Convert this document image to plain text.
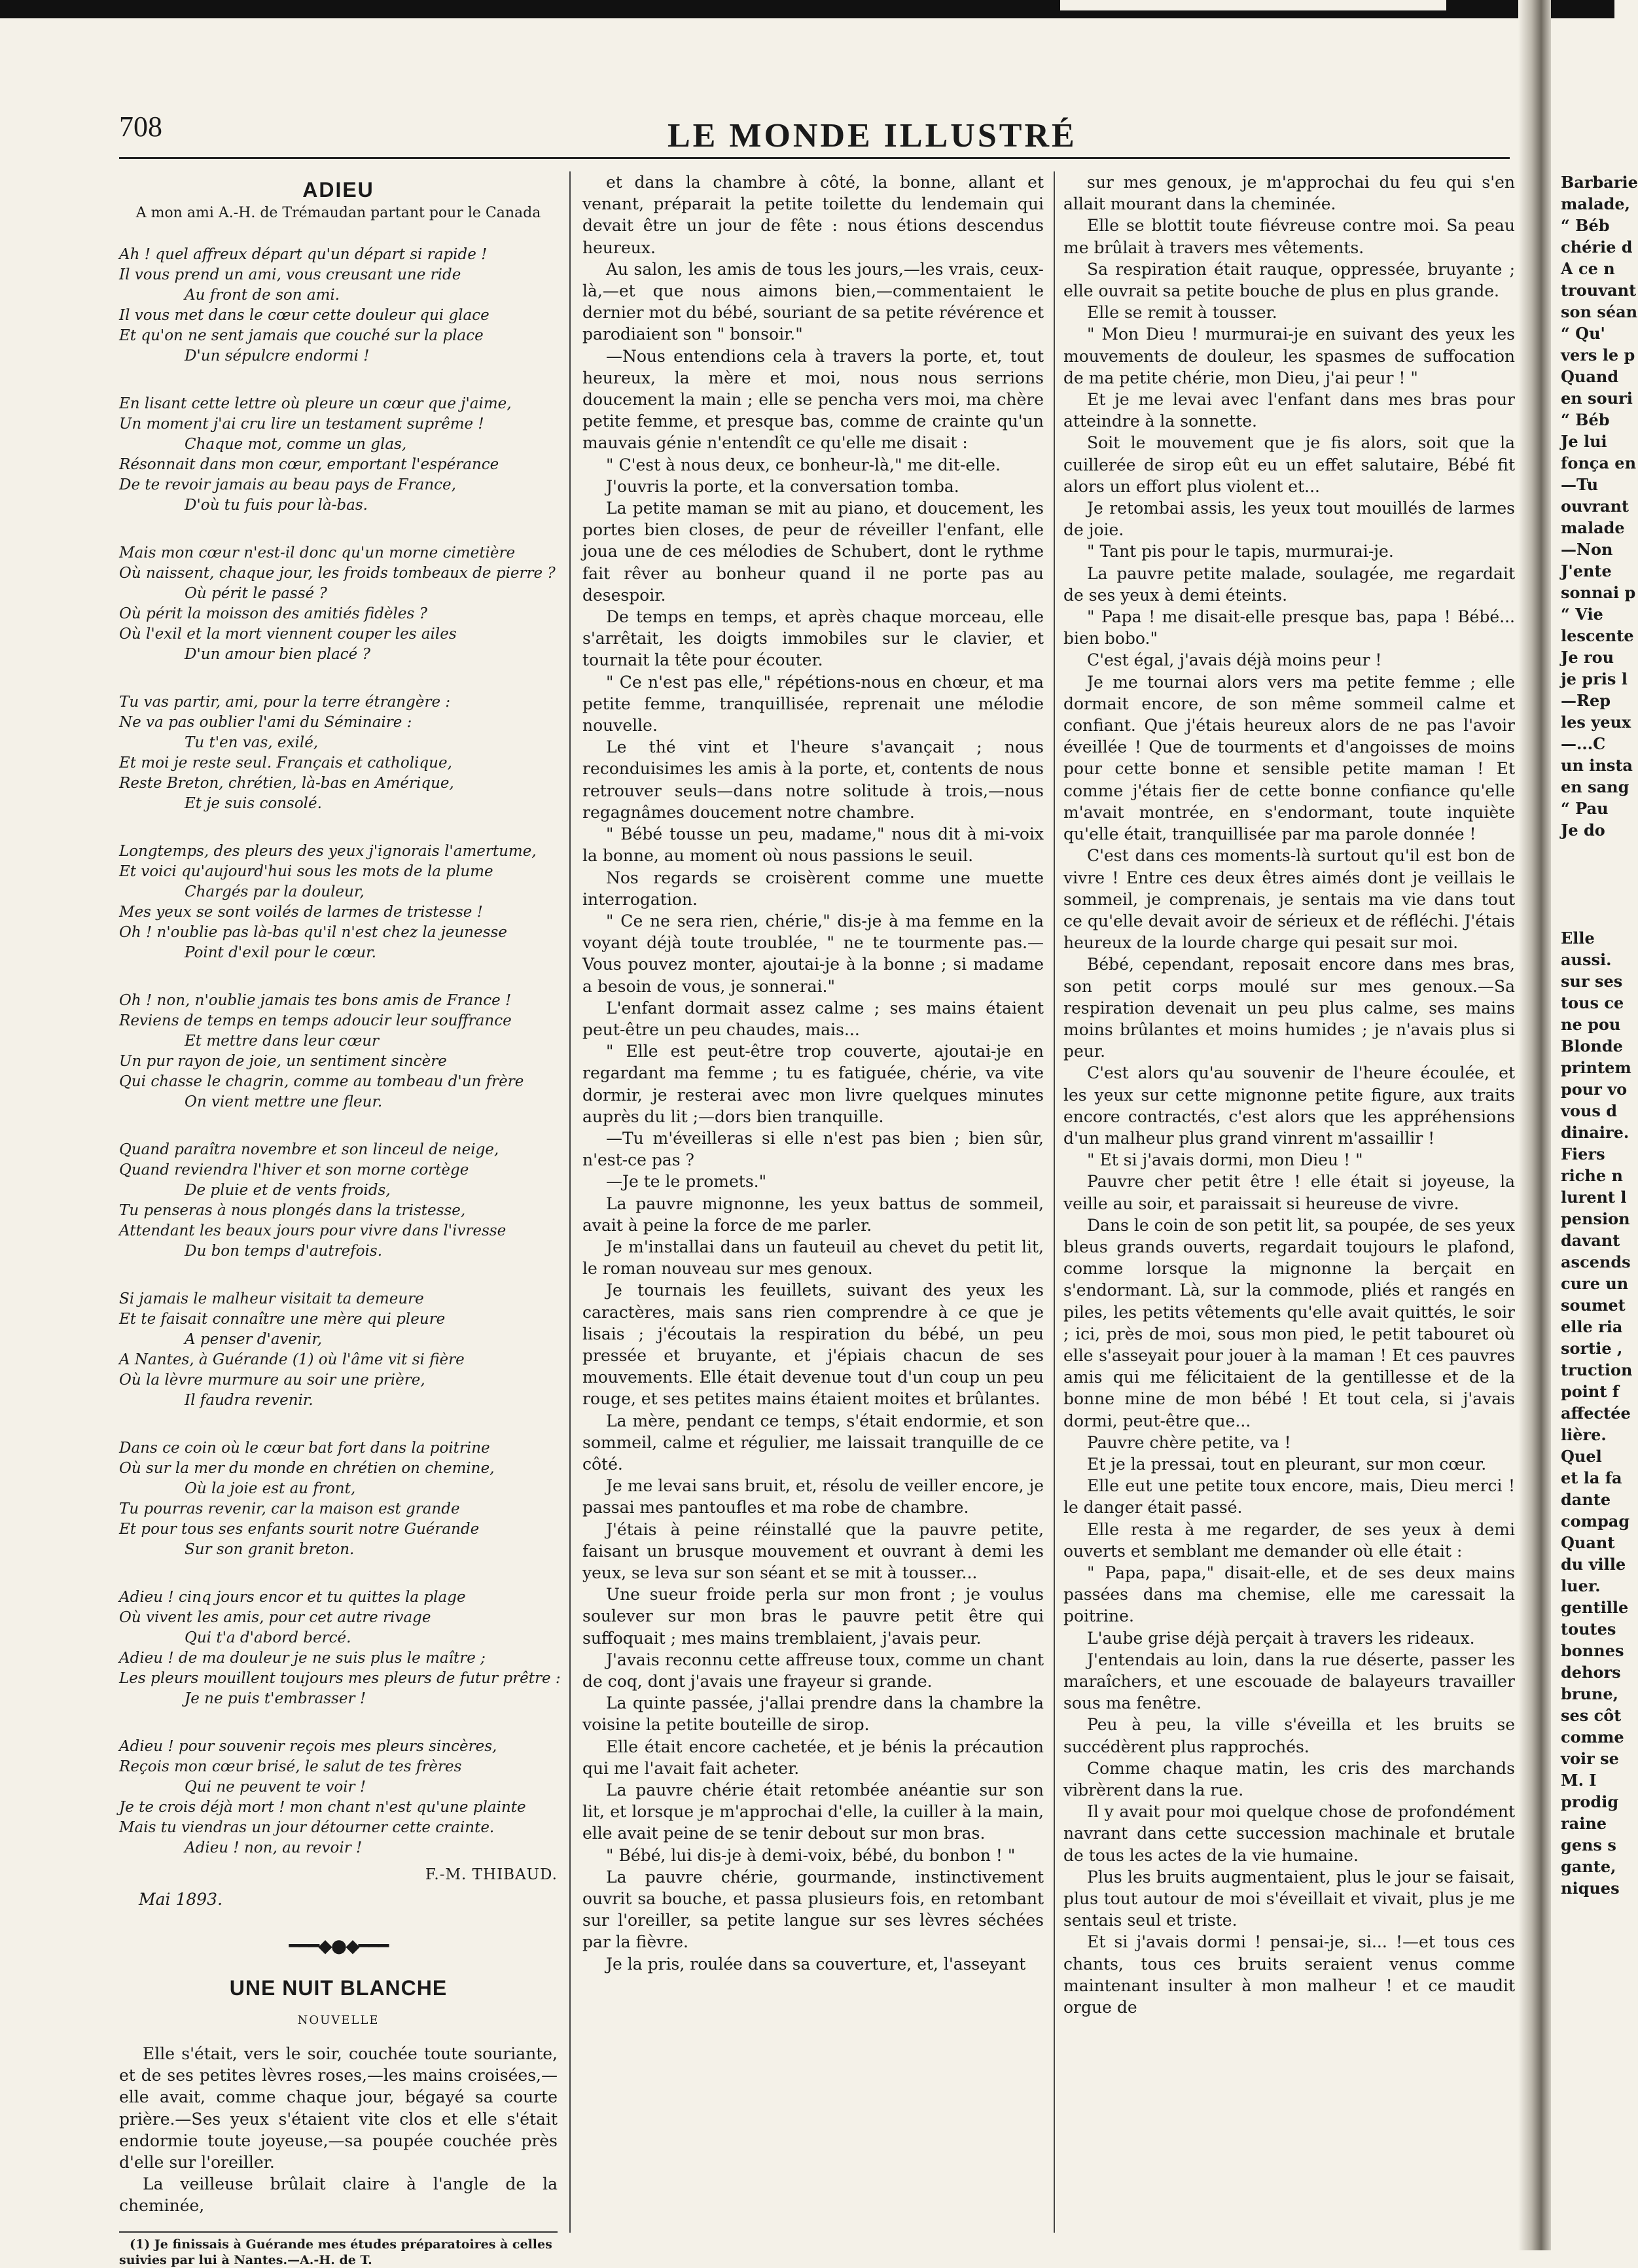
708	LE MONDE ILLUSTRÉ
ADIEU
A mon ami A.-H. de Trémaudan partant pour le Canada
Ah ! quel affreux départ qu'un départ si rapide !
Il vous prend un ami, vous creusant une ride
Au front de son ami.
Il vous met dans le cœur cette douleur qui glace
Et qu'on ne sent jamais que couché sur la place
D'un sépulcre endormi !
En lisant cette lettre où pleure un cœur que j'aime,
Un moment j'ai cru lire un testament suprême !
Chaque mot, comme un glas,
Résonnait dans mon cœur, emportant l'espérance
De te revoir jamais au beau pays de France,
D'où tu fuis pour là-bas.
Mais mon cœur n'est-il donc qu'un morne cimetière
Où naissent, chaque jour, les froids tombeaux de pierre ?
Où périt le passé ?
Où périt la moisson des amitiés fidèles ?
Où l'exil et la mort viennent couper les ailes
D'un amour bien placé ?
Tu vas partir, ami, pour la terre étrangère :
Ne va pas oublier l'ami du Séminaire :
Tu t'en vas, exilé,
Et moi je reste seul. Français et catholique,
Reste Breton, chrétien, là-bas en Amérique,
Et je suis consolé.
Longtemps, des pleurs des yeux j'ignorais l'amertume,
Et voici qu'aujourd'hui sous les mots de la plume
Chargés par la douleur,
Mes yeux se sont voilés de larmes de tristesse !
Oh ! n'oublie pas là-bas qu'il n'est chez la jeunesse
Point d'exil pour le cœur.
Oh ! non, n'oublie jamais tes bons amis de France !
Reviens de temps en temps adoucir leur souffrance
Et mettre dans leur cœur
Un pur rayon de joie, un sentiment sincère
Qui chasse le chagrin, comme au tombeau d'un frère
On vient mettre une fleur.
Quand paraîtra novembre et son linceul de neige,
Quand reviendra l'hiver et son morne cortège
De pluie et de vents froids,
Tu penseras à nous plongés dans la tristesse,
Attendant les beaux jours pour vivre dans l'ivresse
Du bon temps d'autrefois.
Si jamais le malheur visitait ta demeure
Et te faisait connaître une mère qui pleure
A penser d'avenir,
A Nantes, à Guérande (1) où l'âme vit si fière
Où la lèvre murmure au soir une prière,
Il faudra revenir.
Dans ce coin où le cœur bat fort dans la poitrine
Où sur la mer du monde en chrétien on chemine,
Où la joie est au front,
Tu pourras revenir, car la maison est grande
Et pour tous ses enfants sourit notre Guérande
Sur son granit breton.
Adieu ! cinq jours encor et tu quittes la plage
Où vivent les amis, pour cet autre rivage
Qui t'a d'abord bercé.
Adieu ! de ma douleur je ne suis plus le maître ;
Les pleurs mouillent toujours mes pleurs de futur prêtre :
Je ne puis t'embrasser !
Adieu ! pour souvenir reçois mes pleurs sincères,
Reçois mon cœur brisé, le salut de tes frères
Qui ne peuvent te voir !
Je te crois déjà mort ! mon chant n'est qu'une plainte
Mais tu viendras un jour détourner cette crainte.
Adieu ! non, au revoir !
F.-M. THIBAUD.
Mai 1893.
━━━◆●◆━━━
UNE NUIT BLANCHE
NOUVELLE

Elle s'était, vers le soir, couchée toute souriante, et de ses petites lèvres roses,—les mains croisées,—elle avait, comme chaque jour, bégayé sa courte prière.—Ses yeux s'étaient vite clos et elle s'était endormie toute joyeuse,—sa poupée couchée près d'elle sur l'oreiller.

La veilleuse brûlait claire à l'angle de la cheminée,

(1) Je finissais à Guérande mes études préparatoires à celles suivies par lui à Nantes.—A.-H. de T.

et dans la chambre à côté, la bonne, allant et venant, préparait la petite toilette du lendemain qui devait être un jour de fête : nous étions descendus heureux.

Au salon, les amis de tous les jours,—les vrais, ceux-là,—et que nous aimons bien,—commentaient le dernier mot du bébé, souriant de sa petite révérence et parodiaient son " bonsoir."

—Nous entendions cela à travers la porte, et, tout heureux, la mère et moi, nous nous serrions doucement la main ; elle se pencha vers moi, ma chère petite femme, et presque bas, comme de crainte qu'un mauvais génie n'entendît ce qu'elle me disait :

" C'est à nous deux, ce bonheur-là," me dit-elle.

J'ouvris la porte, et la conversation tomba.

La petite maman se mit au piano, et doucement, les portes bien closes, de peur de réveiller l'enfant, elle joua une de ces mélodies de Schubert, dont le rythme fait rêver au bonheur quand il ne porte pas au desespoir.

De temps en temps, et après chaque morceau, elle s'arrêtait, les doigts immobiles sur le clavier, et tournait la tête pour écouter.

" Ce n'est pas elle," répétions-nous en chœur, et ma petite femme, tranquillisée, reprenait une mélodie nouvelle.

Le thé vint et l'heure s'avançait ; nous reconduisimes les amis à la porte, et, contents de nous retrouver seuls—dans notre solitude à trois,—nous regagnâmes doucement notre chambre.

" Bébé tousse un peu, madame," nous dit à mi-voix la bonne, au moment où nous passions le seuil.

Nos regards se croisèrent comme une muette interrogation.

" Ce ne sera rien, chérie," dis-je à ma femme en la voyant déjà toute troublée, " ne te tourmente pas.—Vous pouvez monter, ajoutai-je à la bonne ; si madame a besoin de vous, je sonnerai."

L'enfant dormait assez calme ; ses mains étaient peut-être un peu chaudes, mais...

" Elle est peut-être trop couverte, ajoutai-je en regardant ma femme ; tu es fatiguée, chérie, va vite dormir, je resterai avec mon livre quelques minutes auprès du lit ;—dors bien tranquille.

—Tu m'éveilleras si elle n'est pas bien ; bien sûr, n'est-ce pas ?

—Je te le promets."

La pauvre mignonne, les yeux battus de sommeil, avait à peine la force de me parler.

Je m'installai dans un fauteuil au chevet du petit lit, le roman nouveau sur mes genoux.

Je tournais les feuillets, suivant des yeux les caractères, mais sans rien comprendre à ce que je lisais ; j'écoutais la respiration du bébé, un peu pressée et bruyante, et j'épiais chacun de ses mouvements. Elle était devenue tout d'un coup un peu rouge, et ses petites mains étaient moites et brûlantes.

La mère, pendant ce temps, s'était endormie, et son sommeil, calme et régulier, me laissait tranquille de ce côté.

Je me levai sans bruit, et, résolu de veiller encore, je passai mes pantoufles et ma robe de chambre.

J'étais à peine réinstallé que la pauvre petite, faisant un brusque mouvement et ouvrant à demi les yeux, se leva sur son séant et se mit à tousser...

Une sueur froide perla sur mon front ; je voulus soulever sur mon bras le pauvre petit être qui suffoquait ; mes mains tremblaient, j'avais peur.

J'avais reconnu cette affreuse toux, comme un chant de coq, dont j'avais une frayeur si grande.

La quinte passée, j'allai prendre dans la chambre la voisine la petite bouteille de sirop.

Elle était encore cachetée, et je bénis la précaution qui me l'avait fait acheter.

La pauvre chérie était retombée anéantie sur son lit, et lorsque je m'approchai d'elle, la cuiller à la main, elle avait peine de se tenir debout sur mon bras.

" Bébé, lui dis-je à demi-voix, bébé, du bonbon ! "

La pauvre chérie, gourmande, instinctivement ouvrit sa bouche, et passa plusieurs fois, en retombant sur l'oreiller, sa petite langue sur ses lèvres séchées par la fièvre.

Je la pris, roulée dans sa couverture, et, l'asseyant

sur mes genoux, je m'approchai du feu qui s'en allait mourant dans la cheminée.

Elle se blottit toute fiévreuse contre moi. Sa peau me brûlait à travers mes vêtements.

Sa respiration était rauque, oppressée, bruyante ; elle ouvrait sa petite bouche de plus en plus grande.

Elle se remit à tousser.

" Mon Dieu ! murmurai-je en suivant des yeux les mouvements de douleur, les spasmes de suffocation de ma petite chérie, mon Dieu, j'ai peur ! "

Et je me levai avec l'enfant dans mes bras pour atteindre à la sonnette.

Soit le mouvement que je fis alors, soit que la cuillerée de sirop eût eu un effet salutaire, Bébé fit alors un effort plus violent et...

Je retombai assis, les yeux tout mouillés de larmes de joie.

" Tant pis pour le tapis, murmurai-je.

La pauvre petite malade, soulagée, me regardait de ses yeux à demi éteints.

" Papa ! me disait-elle presque bas, papa ! Bébé... bien bobo."

C'est égal, j'avais déjà moins peur !

Je me tournai alors vers ma petite femme ; elle dormait encore, de son même sommeil calme et confiant. Que j'étais heureux alors de ne pas l'avoir éveillée ! Que de tourments et d'angoisses de moins pour cette bonne et sensible petite maman ! Et comme j'étais fier de cette bonne confiance qu'elle m'avait montrée, en s'endormant, toute inquiète qu'elle était, tranquillisée par ma parole donnée !

C'est dans ces moments-là surtout qu'il est bon de vivre ! Entre ces deux êtres aimés dont je veillais le sommeil, je comprenais, je sentais ma vie dans tout ce qu'elle devait avoir de sérieux et de réfléchi. J'étais heureux de la lourde charge qui pesait sur moi.

Bébé, cependant, reposait encore dans mes bras, son petit corps moulé sur mes genoux.—Sa respiration devenait un peu plus calme, ses mains moins brûlantes et moins humides ; je n'avais plus si peur.

C'est alors qu'au souvenir de l'heure écoulée, et les yeux sur cette mignonne petite figure, aux traits encore contractés, c'est alors que les appréhensions d'un malheur plus grand vinrent m'assaillir !

" Et si j'avais dormi, mon Dieu ! "

Pauvre cher petit être ! elle était si joyeuse, la veille au soir, et paraissait si heureuse de vivre.

Dans le coin de son petit lit, sa poupée, de ses yeux bleus grands ouverts, regardait toujours le plafond, comme lorsque la mignonne la berçait en s'endormant. Là, sur la commode, pliés et rangés en piles, les petits vêtements qu'elle avait quittés, le soir ; ici, près de moi, sous mon pied, le petit tabouret où elle s'asseyait pour jouer à la maman ! Et ces pauvres amis qui me félicitaient de la gentillesse et de la bonne mine de mon bébé ! Et tout cela, si j'avais dormi, peut-être que...

Pauvre chère petite, va !

Et je la pressai, tout en pleurant, sur mon cœur.

Elle eut une petite toux encore, mais, Dieu merci ! le danger était passé.

Elle resta à me regarder, de ses yeux à demi ouverts et semblant me demander où elle était :

" Papa, papa," disait-elle, et de ses deux mains passées dans ma chemise, elle me caressait la poitrine.

L'aube grise déjà perçait à travers les rideaux.

J'entendais au loin, dans la rue déserte, passer les maraîchers, et une escouade de balayeurs travailler sous ma fenêtre.

Peu à peu, la ville s'éveilla et les bruits se succédèrent plus rapprochés.

Comme chaque matin, les cris des marchands vibrèrent dans la rue.

Il y avait pour moi quelque chose de profondément navrant dans cette succession machinale et brutale de tous les actes de la vie humaine.

Plus les bruits augmentaient, plus le jour se faisait, plus tout autour de moi s'éveillait et vivait, plus je me sentais seul et triste.

Et si j'avais dormi ! pensai-je, si... !—et tous ces chants, tous ces bruits seraient venus comme maintenant insulter à mon malheur ! et ce maudit orgue de

Barbarie
malade,
“ Béb
chérie d
A ce n
trouvant
son séan
“ Qu'
vers le p
Quand
en souri
“ Béb
Je lui
fonça en
—Tu
ouvrant
malade
—Non
J'ente
sonnai p
“ Vie
lescente
Je rou
je pris l
—Rep
les yeux
—...C
un insta
en sang
“ Pau
Je do

Elle
aussi.
sur ses
tous ce
ne pou
Blonde
printem
pour vo
vous d
dinaire.
Fiers
riche n
lurent l
pension
davant
ascends
cure un
soumet
elle ria
sortie ,
truction
point f
affectée
lière.
Quel
et la fa
dante
compag
Quant
du ville
luer.
gentille
toutes
bonnes
dehors
brune,
ses côt
comme
voir se
M. I
prodig
raine
gens s
gante,
niques
